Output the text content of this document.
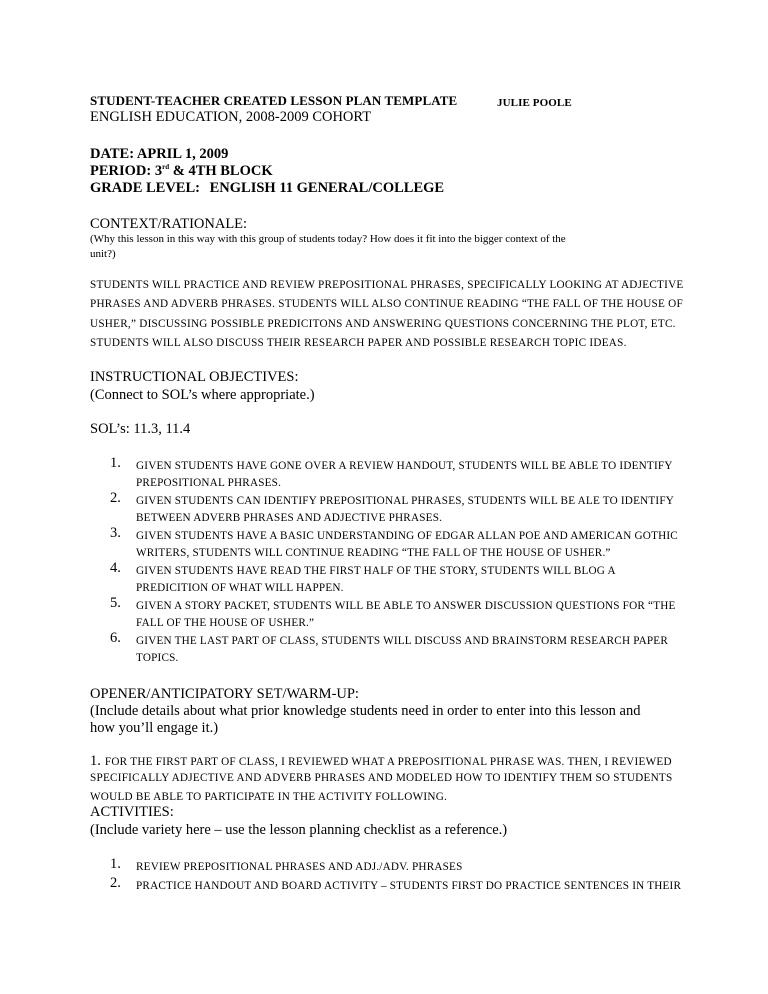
STUDENT-TEACHER CREATED LESSON PLAN TEMPLATE	JULIE POOLE
ENGLISH EDUCATION, 2008-2009 COHORT
DATE: APRIL 1, 2009
PERIOD: 3rd & 4TH BLOCK
GRADE LEVEL: ENGLISH 11 GENERAL/COLLEGE
CONTEXT/RATIONALE:
(Why this lesson in this way with this group of students today? How does it fit into the bigger context of the
unit?)
STUDENTS WILL PRACTICE AND REVIEW PREPOSITIONAL PHRASES, SPECIFICALLY LOOKING AT ADJECTIVE
PHRASES AND ADVERB PHRASES. STUDENTS WILL ALSO CONTINUE READING “THE FALL OF THE HOUSE OF
USHER,” DISCUSSING POSSIBLE PREDICITONS AND ANSWERING QUESTIONS CONCERNING THE PLOT, ETC.
STUDENTS WILL ALSO DISCUSS THEIR RESEARCH PAPER AND POSSIBLE RESEARCH TOPIC IDEAS.
INSTRUCTIONAL OBJECTIVES:
(Connect to SOL’s where appropriate.)
SOL’s: 11.3, 11.4
1. GIVEN STUDENTS HAVE GONE OVER A REVIEW HANDOUT, STUDENTS WILL BE ABLE TO IDENTIFY
PREPOSITIONAL PHRASES.
2. GIVEN STUDENTS CAN IDENTIFY PREPOSITIONAL PHRASES, STUDENTS WILL BE ALE TO IDENTIFY
BETWEEN ADVERB PHRASES AND ADJECTIVE PHRASES.
3. GIVEN STUDENTS HAVE A BASIC UNDERSTANDING OF EDGAR ALLAN POE AND AMERICAN GOTHIC
WRITERS, STUDENTS WILL CONTINUE READING “THE FALL OF THE HOUSE OF USHER.”
4. GIVEN STUDENTS HAVE READ THE FIRST HALF OF THE STORY, STUDENTS WILL BLOG A
PREDICITION OF WHAT WILL HAPPEN.
5. GIVEN A STORY PACKET, STUDENTS WILL BE ABLE TO ANSWER DISCUSSION QUESTIONS FOR “THE
FALL OF THE HOUSE OF USHER.”
6. GIVEN THE LAST PART OF CLASS, STUDENTS WILL DISCUSS AND BRAINSTORM RESEARCH PAPER
TOPICS.
OPENER/ANTICIPATORY SET/WARM-UP:
(Include details about what prior knowledge students need in order to enter into this lesson and
how you’ll engage it.)
1. FOR THE FIRST PART OF CLASS, I REVIEWED WHAT A PREPOSITIONAL PHRASE WAS. THEN, I REVIEWED
SPECIFICALLY ADJECTIVE AND ADVERB PHRASES AND MODELED HOW TO IDENTIFY THEM SO STUDENTS
WOULD BE ABLE TO PARTICIPATE IN THE ACTIVITY FOLLOWING.
ACTIVITIES:
(Include variety here – use the lesson planning checklist as a reference.)
1. REVIEW PREPOSITIONAL PHRASES AND ADJ./ADV. PHRASES
2. PRACTICE HANDOUT AND BOARD ACTIVITY – STUDENTS FIRST DO PRACTICE SENTENCES IN THEIR
